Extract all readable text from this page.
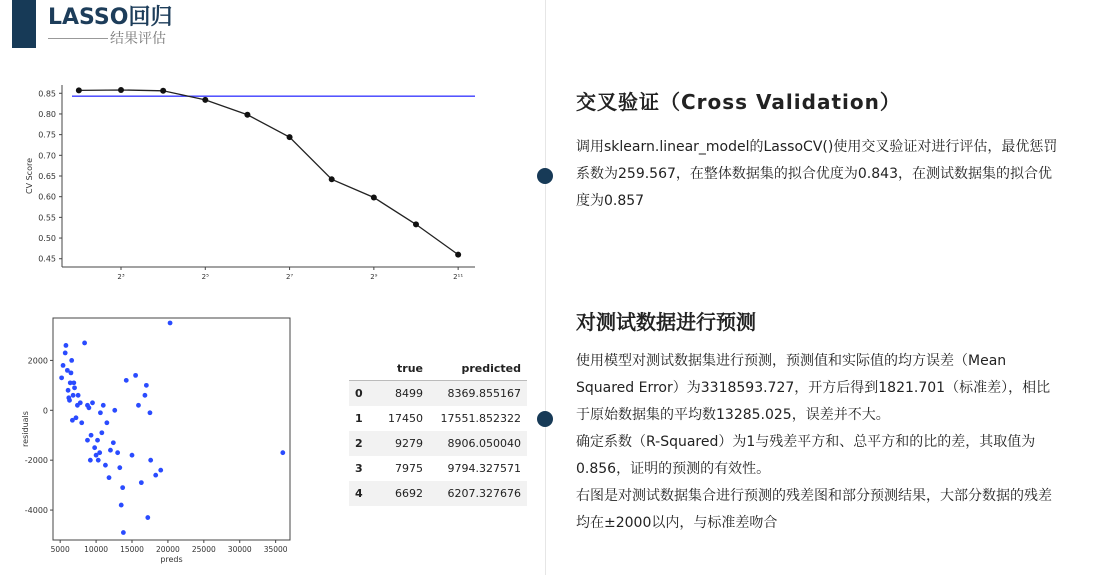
LASSO回归
结果评估
0.45
0.50
0.55
0.60
0.65
0.70
0.75
0.80
0.85
2³	2⁵	2⁷	2⁹	2¹¹
CV Score
-4000
-2000
0
2000
5000 10000 15000 20000 25000 30000 35000
preds
residuals
	true	predicted
0	8499	8369.855167
1	17450	17551.852322
2	9279	8906.050040
3	7975	9794.327571
4	6692	6207.327676
交叉验证（Cross Validation）

调用sklearn.linear_model的LassoCV()使用交叉验证对进行评估，最优惩罚系数为259.567，在整体数据集的拟合优度为0.843，在测试数据集的拟合优度为0.857

对测试数据进行预测

使用模型对测试数据集进行预测，预测值和实际值的均方误差（Mean Squared Error）为3318593.727，开方后得到1821.701（标准差），相比于原始数据集的平均数13285.025，误差并不大。

确定系数（R-Squared）为1与残差平方和、总平方和的比的差，其取值为0.856，证明的预测的有效性。

右图是对测试数据集合进行预测的残差图和部分预测结果，大部分数据的残差均在±2000以内，与标准差吻合
